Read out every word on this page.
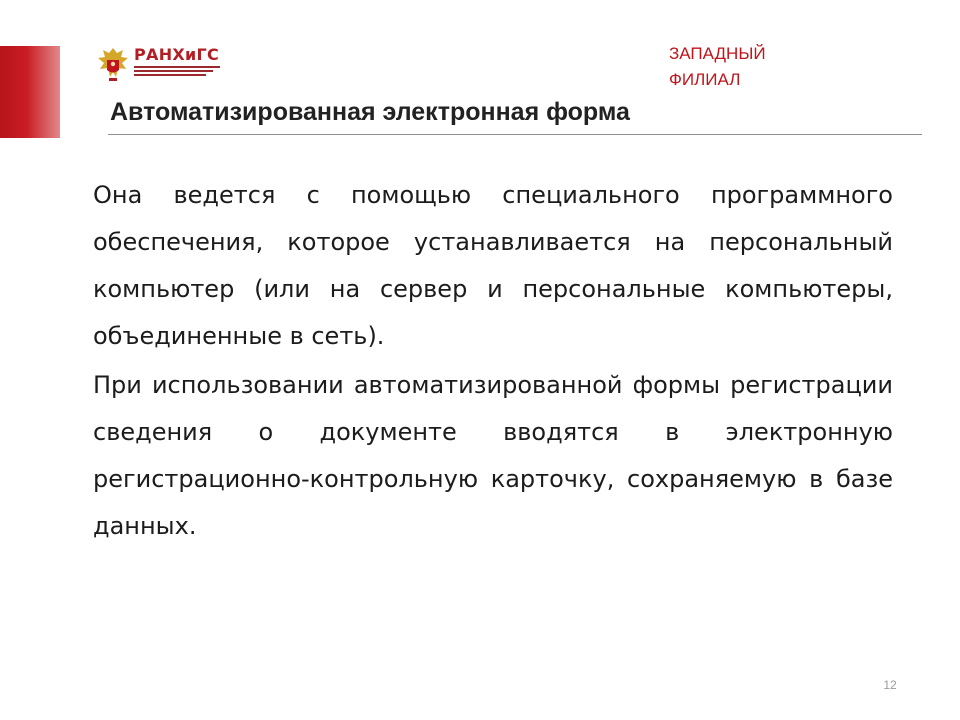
РАНХиГС	ЗАПАДНЫЙ
ФИЛИАЛ
Автоматизированная электронная форма

Она ведется с помощью специального программного обеспечения, которое устанавливается на персональный компьютер (или на сервер и персональные компьютеры, объединенные в сеть).

При использовании автоматизированной формы регистрации сведения о документе вводятся в электронную регистрационно-контрольную карточку, сохраняемую в базе данных.

12
